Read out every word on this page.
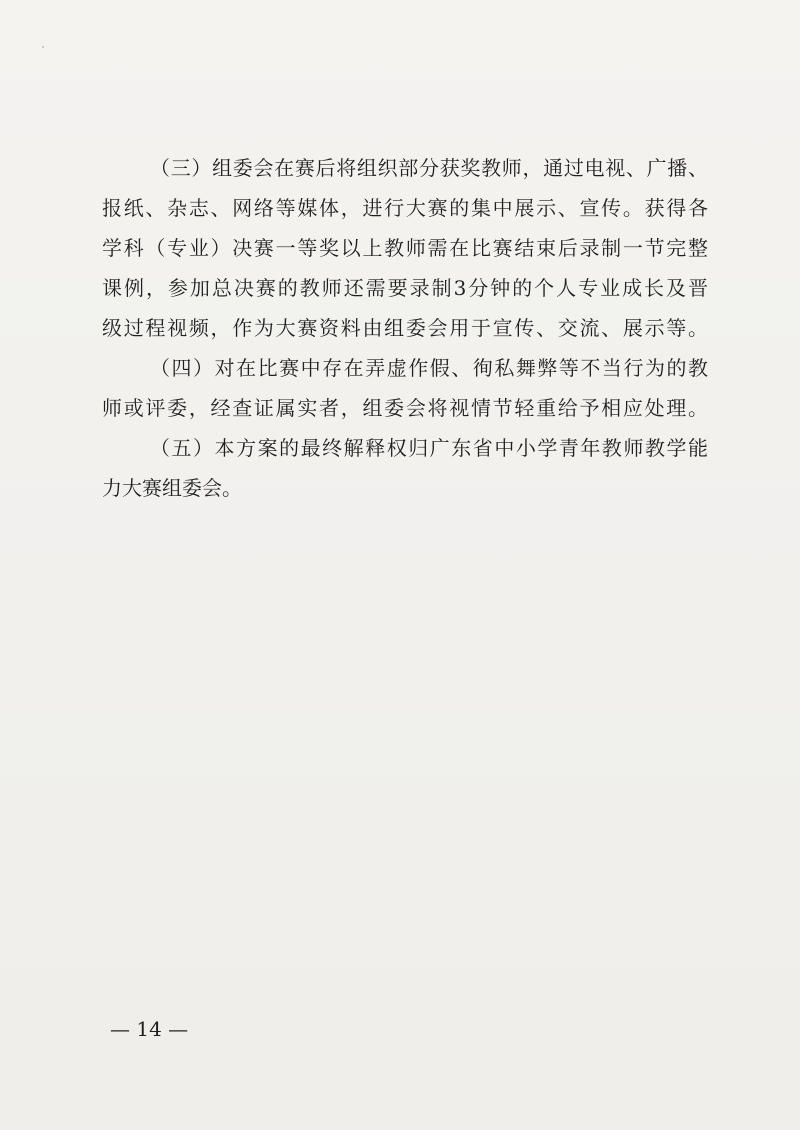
（三）组委会在赛后将组织部分获奖教师，通过电视、广播、
报纸、杂志、网络等媒体，进行大赛的集中展示、宣传。获得各
学科（专业）决赛一等奖以上教师需在比赛结束后录制一节完整
课例，参加总决赛的教师还需要录制3分钟的个人专业成长及晋
级过程视频，作为大赛资料由组委会用于宣传、交流、展示等。
（四）对在比赛中存在弄虚作假、徇私舞弊等不当行为的教
师或评委，经查证属实者，组委会将视情节轻重给予相应处理。
（五）本方案的最终解释权归广东省中小学青年教师教学能
力大赛组委会。
— 14 —
